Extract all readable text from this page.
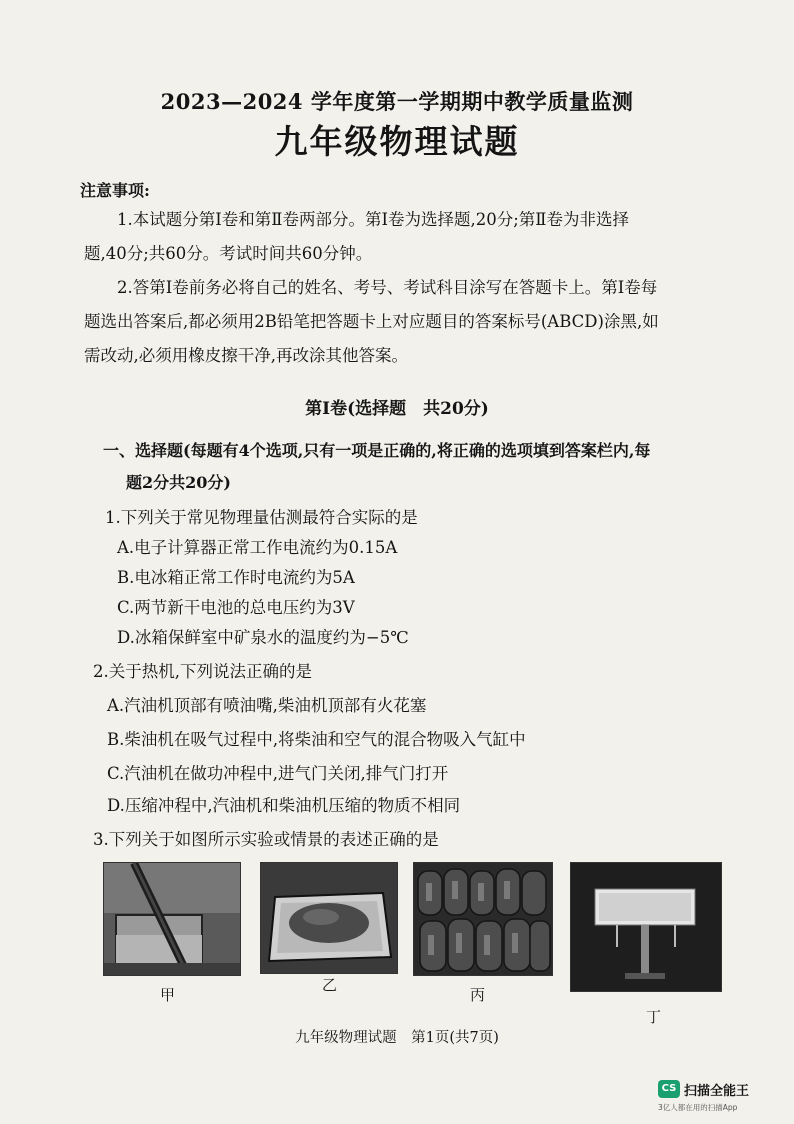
2023—2024 学年度第一学期期中教学质量监测
九年级物理试题
注意事项:
1.本试题分第Ⅰ卷和第Ⅱ卷两部分。第Ⅰ卷为选择题,20分;第Ⅱ卷为非选择
题,40分;共60分。考试时间共60分钟。
2.答第Ⅰ卷前务必将自己的姓名、考号、考试科目涂写在答题卡上。第Ⅰ卷每
题选出答案后,都必须用2B铅笔把答题卡上对应题目的答案标号(ABCD)涂黑,如
需改动,必须用橡皮擦干净,再改涂其他答案。
第Ⅰ卷(选择题　共20分)
一、选择题(每题有4个选项,只有一项是正确的,将正确的选项填到答案栏内,每
题2分共20分)
1.下列关于常见物理量估测最符合实际的是
A.电子计算器正常工作电流约为0.15A
B.电冰箱正常工作时电流约为5A
C.两节新干电池的总电压约为3V
D.冰箱保鲜室中矿泉水的温度约为−5℃
2.关于热机,下列说法正确的是
A.汽油机顶部有喷油嘴,柴油机顶部有火花塞
B.柴油机在吸气过程中,将柴油和空气的混合物吸入气缸中
C.汽油机在做功冲程中,进气门关闭,排气门打开
D.压缩冲程中,汽油机和柴油机压缩的物质不相同
3.下列关于如图所示实验或情景的表述正确的是
甲
乙
丙
丁
九年级物理试题　第1页(共7页)
CS 扫描全能王
3亿人都在用的扫描App
